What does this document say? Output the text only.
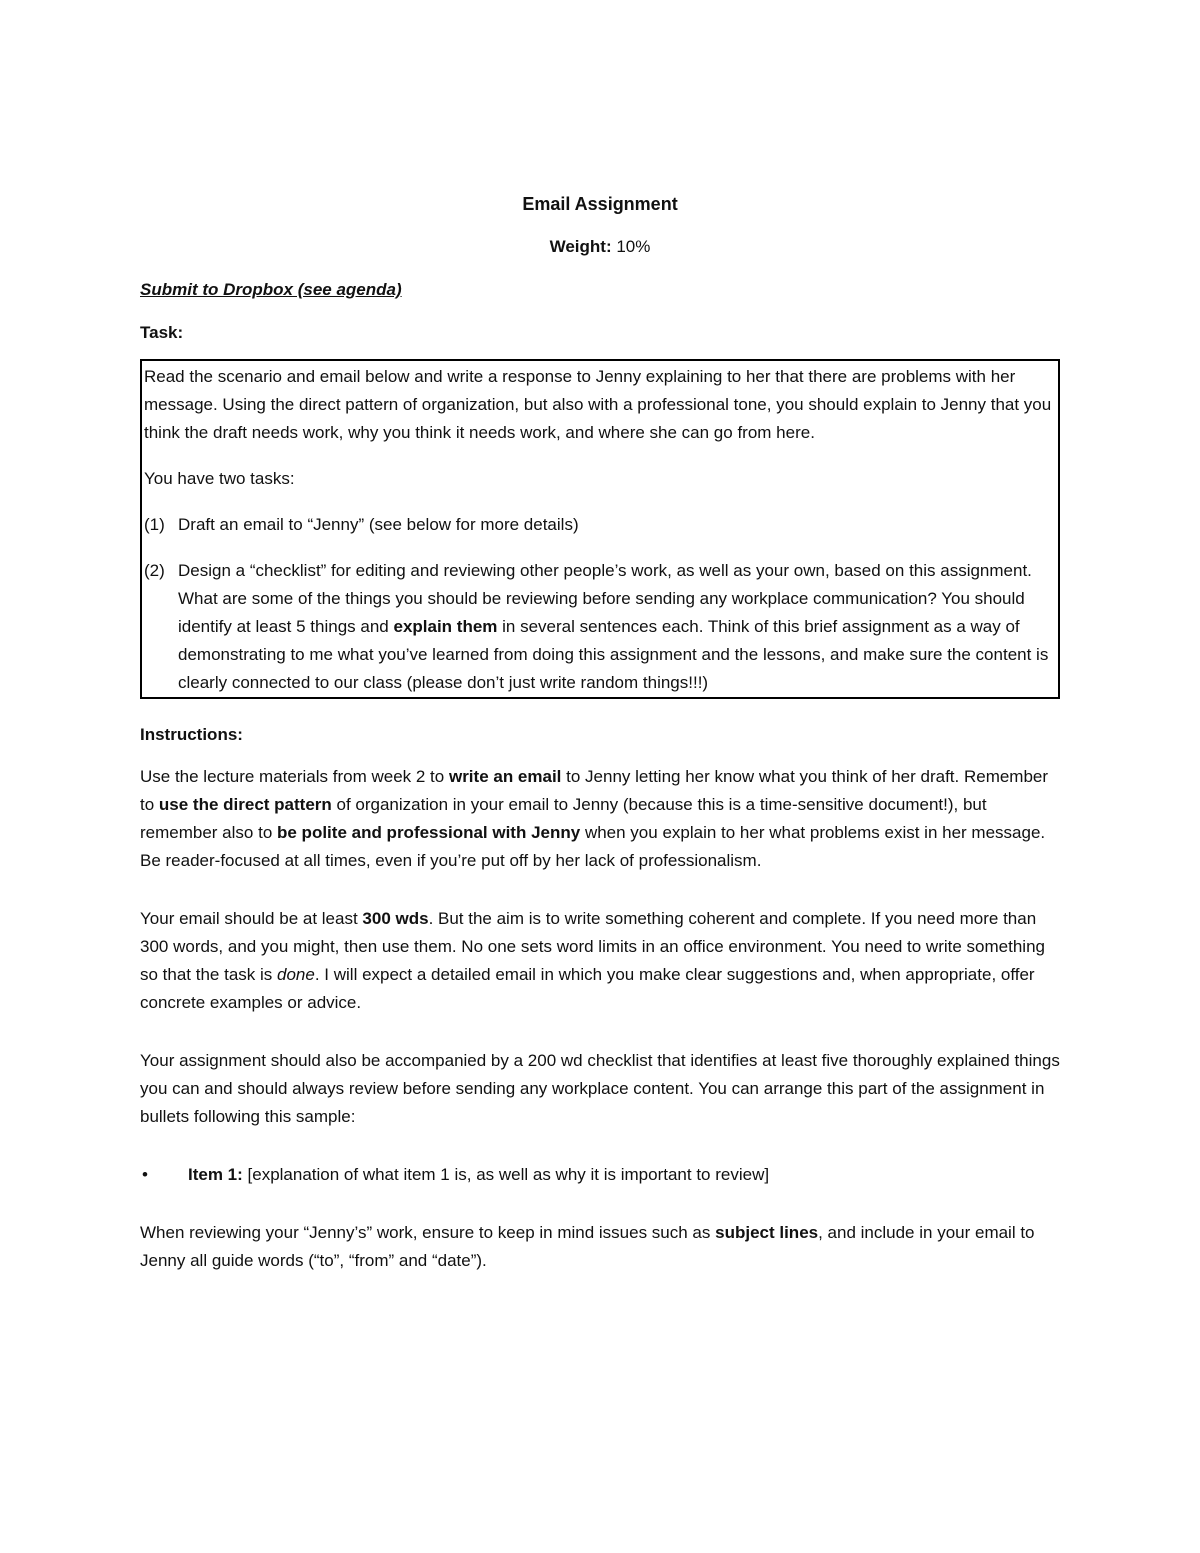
Email Assignment

Weight: 10%
Submit to Dropbox (see agenda)
Task:

Read the scenario and email below and write a response to Jenny explaining to her that there are problems with her message. Using the direct pattern of organization, but also with a professional tone, you should explain to Jenny that you think the draft needs work, why you think it needs work, and where she can go from here.

You have two tasks:

(1) Draft an email to “Jenny” (see below for more details)
(2) Design a “checklist” for editing and reviewing other people’s work, as well as your own, based on this assignment. What are some of the things you should be reviewing before sending any workplace communication? You should identify at least 5 things and explain them in several sentences each. Think of this brief assignment as a way of demonstrating to me what you’ve learned from doing this assignment and the lessons, and make sure the content is clearly connected to our class (please don’t just write random things!!!)
Instructions:

Use the lecture materials from week 2 to write an email to Jenny letting her know what you think of her draft. Remember to use the direct pattern of organization in your email to Jenny (because this is a time-sensitive document!), but remember also to be polite and professional with Jenny when you explain to her what problems exist in her message. Be reader-focused at all times, even if you’re put off by her lack of professionalism.

Your email should be at least 300 wds. But the aim is to write something coherent and complete. If you need more than 300 words, and you might, then use them. No one sets word limits in an office environment. You need to write something so that the task is done. I will expect a detailed email in which you make clear suggestions and, when appropriate, offer concrete examples or advice.

Your assignment should also be accompanied by a 200 wd checklist that identifies at least five thoroughly explained things you can and should always review before sending any workplace content. You can arrange this part of the assignment in bullets following this sample:

•	Item 1: [explanation of what item 1 is, as well as why it is important to review]

When reviewing your “Jenny’s” work, ensure to keep in mind issues such as subject lines, and include in your email to Jenny all guide words (“to”, “from” and “date”).
